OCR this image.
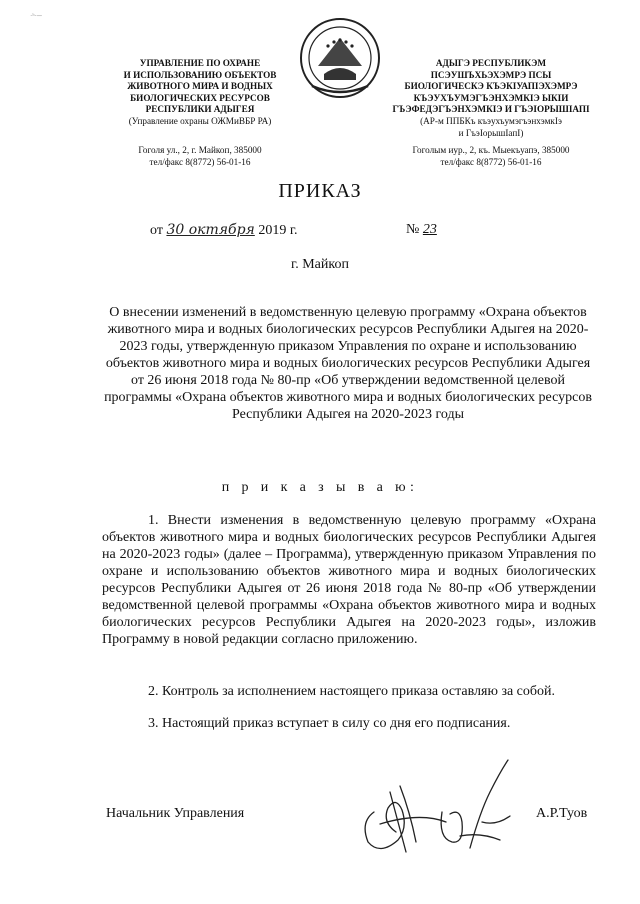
·ʰ·─
УПРАВЛЕНИЕ ПО ОХРАНЕ
И ИСПОЛЬЗОВАНИЮ ОБЪЕКТОВ
ЖИВОТНОГО МИРА И ВОДНЫХ
БИОЛОГИЧЕСКИХ РЕСУРСОВ
РЕСПУБЛИКИ АДЫГЕЯ
(Управление охраны ОЖМиВБР РА)
Гоголя ул., 2, г. Майкоп, 385000
тел/факс 8(8772) 56-01-16
АДЫГЭ РЕСПУБЛИКЭМ
ПСЭУШЪХЬЭХЭМРЭ ПСЫ
БИОЛОГИЧЕСКЭ КЪЭКIУАПIЭХЭМРЭ
КЪЭУХЪУМЭГЪЭНХЭМКIЭ ЫКIИ
ГЪЭФЕДЭГЪЭНХЭМКIЭ И ГЪЭIОРЫШIАПI
(АР-м ППБКъ къэухъумэгъэнхэмкIэ
и ГъэIорышIапI)
Гоголым иур., 2, къ. Мыекъуапэ, 385000
тел/факс 8(8772) 56-01-16
ПРИКАЗ
от 30 октября 2019 г.	№ 23
г. Майкоп
О внесении изменений в ведомственную целевую программу «Охрана объектов животного мира и водных биологических ресурсов Республики Адыгея на 2020-2023 годы, утвержденную приказом Управления по охране и использованию объектов животного мира и водных биологических ресурсов Республики Адыгея от 26 июня 2018 года № 80-пр «Об утверждении ведомственной целевой программы «Охрана объектов животного мира и водных биологических ресурсов Республики Адыгея на 2020-2023 годы
п р и к а з ы в а ю:
1. Внести изменения в ведомственную целевую программу «Охрана объектов животного мира и водных биологических ресурсов Республики Адыгея на 2020-2023 годы» (далее – Программа), утвержденную приказом Управления по охране и использованию объектов животного мира и водных биологических ресурсов Республики Адыгея от 26 июня 2018 года № 80-пр «Об утверждении ведомственной целевой программы «Охрана объектов животного мира и водных биологических ресурсов Республики Адыгея на 2020-2023 годы», изложив Программу в новой редакции согласно приложению.
2. Контроль за исполнением настоящего приказа оставляю за собой.
3. Настоящий приказ вступает в силу со дня его подписания.
Начальник Управления	А.Р.Туов
